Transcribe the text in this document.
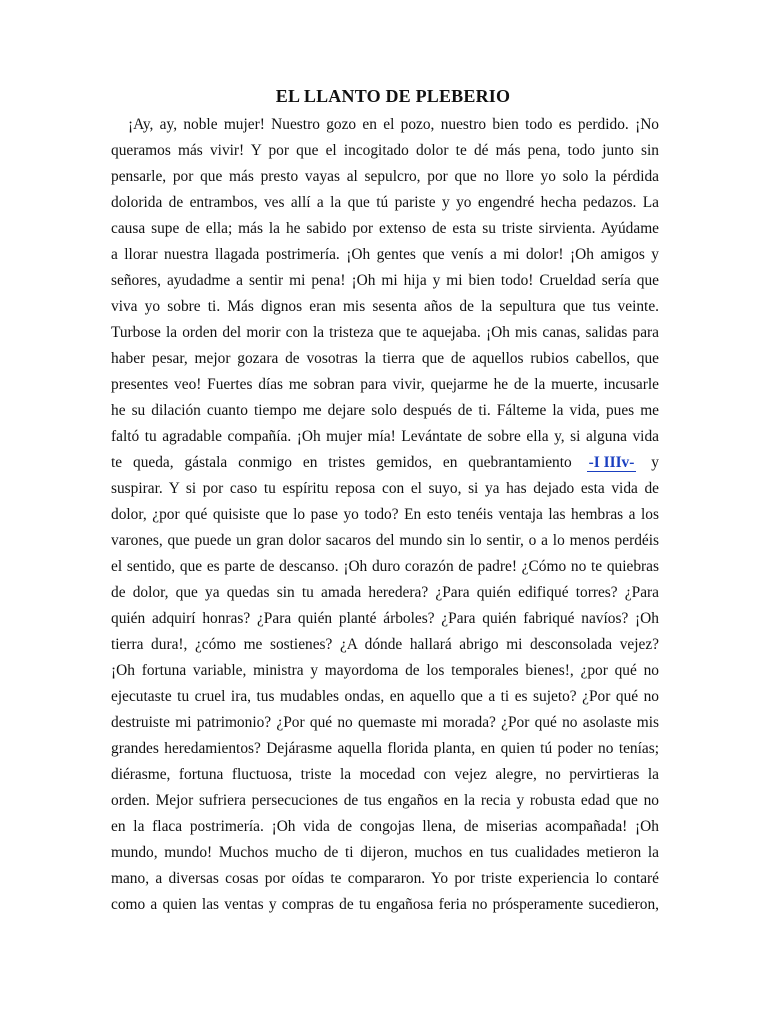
EL LLANTO DE PLEBERIO
¡Ay, ay, noble mujer! Nuestro gozo en el pozo, nuestro bien todo es perdido. ¡No
queramos más vivir! Y por que el incogitado dolor te dé más pena, todo junto sin
pensarle, por que más presto vayas al sepulcro, por que no llore yo solo la pérdida
dolorida de entrambos, ves allí a la que tú pariste y yo engendré hecha pedazos. La
causa supe de ella; más la he sabido por extenso de esta su triste sirvienta. Ayúdame
a llorar nuestra llagada postrimería. ¡Oh gentes que venís a mi dolor! ¡Oh amigos y
señores, ayudadme a sentir mi pena! ¡Oh mi hija y mi bien todo! Crueldad sería que
viva yo sobre ti. Más dignos eran mis sesenta años de la sepultura que tus veinte.
Turbose la orden del morir con la tristeza que te aquejaba. ¡Oh mis canas, salidas para
haber pesar, mejor gozara de vosotras la tierra que de aquellos rubios cabellos, que
presentes veo! Fuertes días me sobran para vivir, quejarme he de la muerte, incusarle
he su dilación cuanto tiempo me dejare solo después de ti. Fálteme la vida, pues me
faltó tu agradable compañía. ¡Oh mujer mía! Levántate de sobre ella y, si alguna vida
te queda, gástala conmigo en tristes gemidos, en quebrantamiento -I IIIv- y
suspirar. Y si por caso tu espíritu reposa con el suyo, si ya has dejado esta vida de
dolor, ¿por qué quisiste que lo pase yo todo? En esto tenéis ventaja las hembras a los
varones, que puede un gran dolor sacaros del mundo sin lo sentir, o a lo menos perdéis
el sentido, que es parte de descanso. ¡Oh duro corazón de padre! ¿Cómo no te quiebras
de dolor, que ya quedas sin tu amada heredera? ¿Para quién edifiqué torres? ¿Para
quién adquirí honras? ¿Para quién planté árboles? ¿Para quién fabriqué navíos? ¡Oh
tierra dura!, ¿cómo me sostienes? ¿A dónde hallará abrigo mi desconsolada vejez?
¡Oh fortuna variable, ministra y mayordoma de los temporales bienes!, ¿por qué no
ejecutaste tu cruel ira, tus mudables ondas, en aquello que a ti es sujeto? ¿Por qué no
destruiste mi patrimonio? ¿Por qué no quemaste mi morada? ¿Por qué no asolaste mis
grandes heredamientos? Dejárasme aquella florida planta, en quien tú poder no tenías;
diérasme, fortuna fluctuosa, triste la mocedad con vejez alegre, no pervirtieras la
orden. Mejor sufriera persecuciones de tus engaños en la recia y robusta edad que no
en la flaca postrimería. ¡Oh vida de congojas llena, de miserias acompañada! ¡Oh
mundo, mundo! Muchos mucho de ti dijeron, muchos en tus cualidades metieron la
mano, a diversas cosas por oídas te compararon. Yo por triste experiencia lo contaré
como a quien las ventas y compras de tu engañosa feria no prósperamente sucedieron,
